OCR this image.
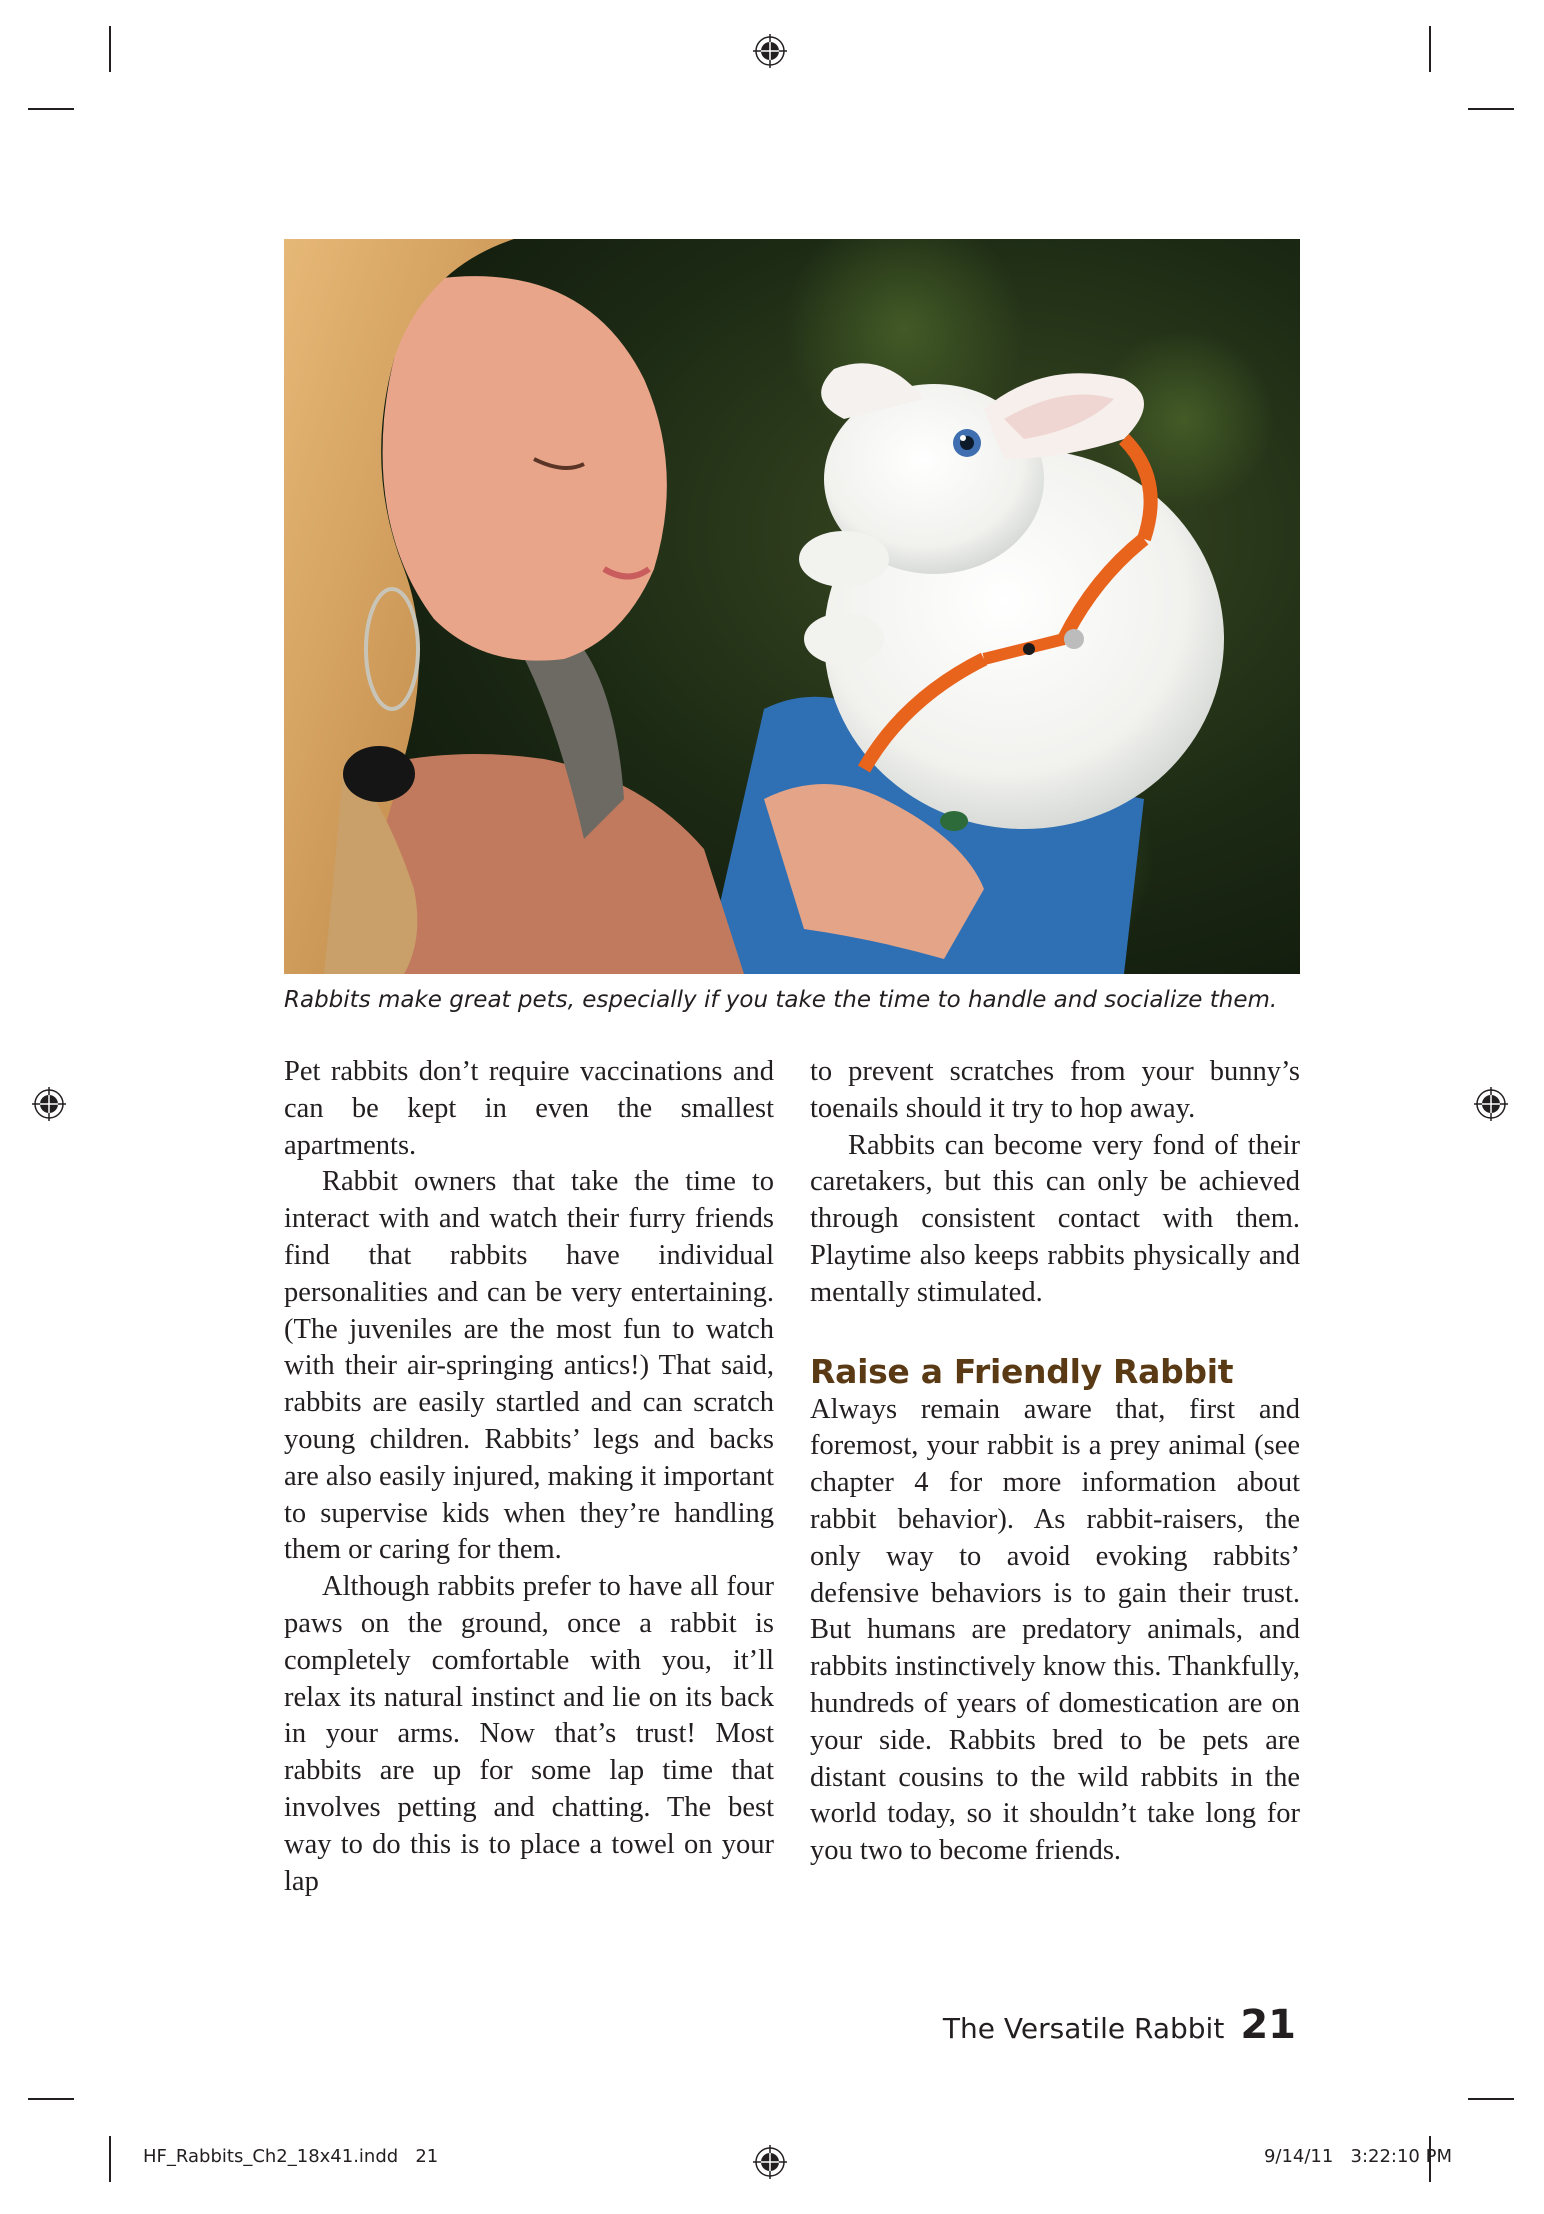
Rabbits make great pets, especially if you take the time to handle and socialize them.

Pet rabbits don’t require vaccinations and can be kept in even the smallest apartments.

Rabbit owners that take the time to interact with and watch their furry friends find that rabbits have individual personalities and can be very entertaining. (The juveniles are the most fun to watch with their air-springing antics!) That said, rabbits are easily startled and can scratch young children. Rabbits’ legs and backs are also easily injured, making it important to supervise kids when they’re handling them or caring for them.

Although rabbits prefer to have all four paws on the ground, once a rabbit is completely comfortable with you, it’ll relax its natural instinct and lie on its back in your arms. Now that’s trust! Most rabbits are up for some lap time that involves petting and chatting. The best way to do this is to place a towel on your lap

to prevent scratches from your bunny’s toenails should it try to hop away.

Rabbits can become very fond of their caretakers, but this can only be achieved through consistent contact with them. Playtime also keeps rabbits physically and mentally stimulated.

Raise a Friendly Rabbit

Always remain aware that, first and foremost, your rabbit is a prey animal (see chapter 4 for more information about rabbit behavior). As rabbit-raisers, the only way to avoid evoking rabbits’ defensive behaviors is to gain their trust. But humans are predatory animals, and rabbits instinctively know this. Thankfully, hundreds of years of domestication are on your side. Rabbits bred to be pets are distant cousins to the wild rabbits in the world today, so it shouldn’t take long for you two to become friends.

The Versatile Rabbit 21
HF_Rabbits_Ch2_18x41.indd   21	9/14/11   3:22:10 PM
